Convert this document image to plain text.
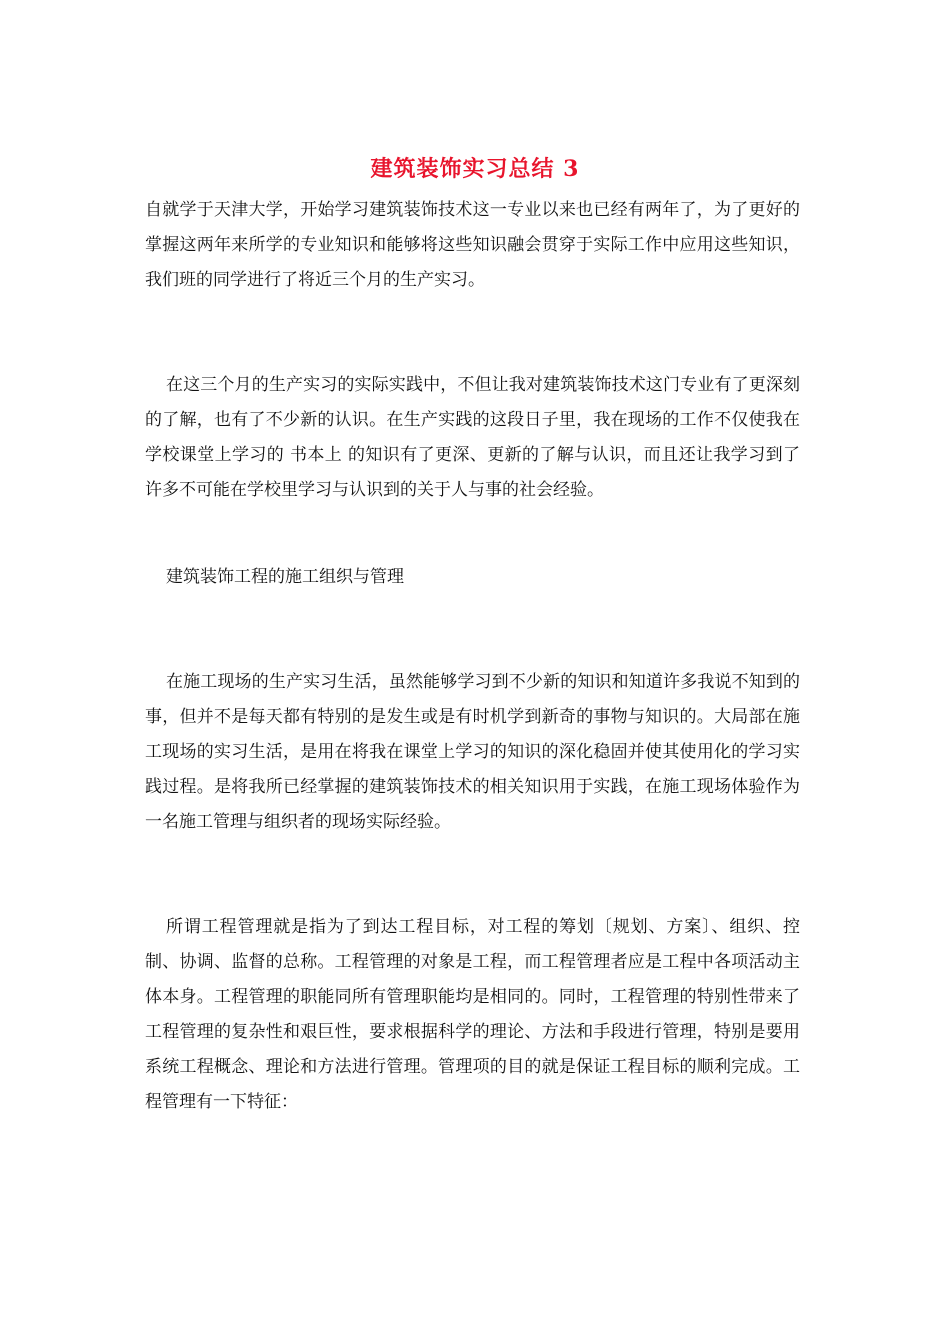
建筑装饰实习总结 3

自就学于天津大学，开始学习建筑装饰技术这一专业以来也已经有两年了，为了更好的掌握这两年来所学的专业知识和能够将这些知识融会贯穿于实际工作中应用这些知识，我们班的同学进行了将近三个月的生产实习。

在这三个月的生产实习的实际实践中，不但让我对建筑装饰技术这门专业有了更深刻的了解，也有了不少新的认识。在生产实践的这段日子里，我在现场的工作不仅使我在学校课堂上学习的 书本上 的知识有了更深、更新的了解与认识，而且还让我学习到了许多不可能在学校里学习与认识到的关于人与事的社会经验。

建筑装饰工程的施工组织与管理

在施工现场的生产实习生活，虽然能够学习到不少新的知识和知道许多我说不知到的事，但并不是每天都有特别的是发生或是有时机学到新奇的事物与知识的。大局部在施工现场的实习生活，是用在将我在课堂上学习的知识的深化稳固并使其使用化的学习实践过程。是将我所已经掌握的建筑装饰技术的相关知识用于实践，在施工现场体验作为一名施工管理与组织者的现场实际经验。

所谓工程管理就是指为了到达工程目标，对工程的筹划〔规划、方案〕、组织、控制、协调、监督的总称。工程管理的对象是工程，而工程管理者应是工程中各项活动主体本身。工程管理的职能同所有管理职能均是相同的。同时，工程管理的特别性带来了工程管理的复杂性和艰巨性，要求根据科学的理论、方法和手段进行管理，特别是要用系统工程概念、理论和方法进行管理。管理项的目的就是保证工程目标的顺利完成。工程管理有一下特征：
